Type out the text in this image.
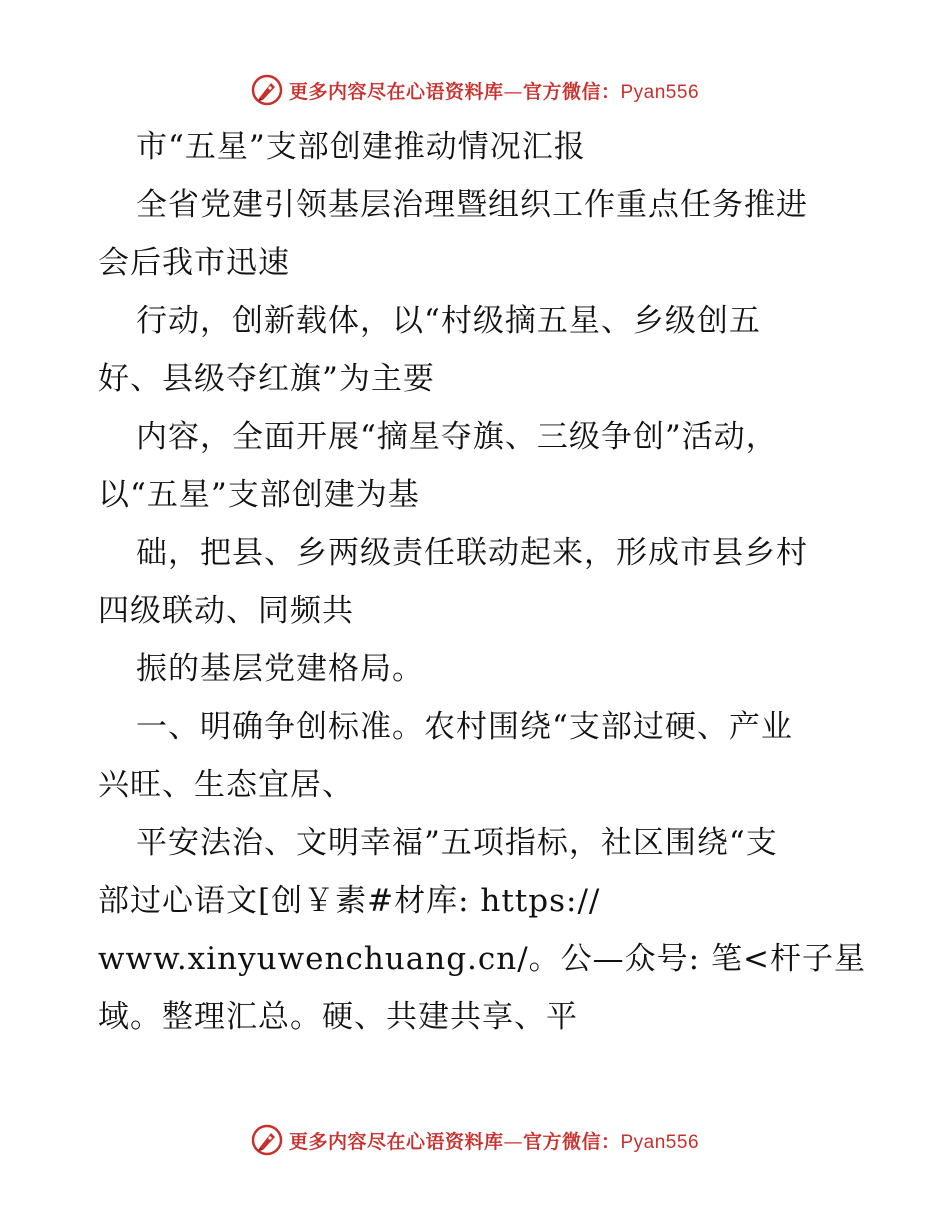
更多内容尽在心语资料库—官方微信：Pyan556
市“五星”支部创建推动情况汇报
全省党建引领基层治理暨组织工作重点任务推进
会后我市迅速
行动，创新载体，以“村级摘五星、乡级创五
好、县级夺红旗”为主要
内容，全面开展“摘星夺旗、三级争创”活动，
以“五星”支部创建为基
础，把县、乡两级责任联动起来，形成市县乡村
四级联动、同频共
振的基层党建格局。
一、明确争创标准。农村围绕“支部过硬、产业
兴旺、生态宜居、
平安法治、文明幸福”五项指标，社区围绕“支
部过心语文[创￥素#材库: https://
www.xinyuwenchuang.cn/。公—众号: 笔<杆子星
域。整理汇总。硬、共建共享、平
更多内容尽在心语资料库—官方微信：Pyan556
